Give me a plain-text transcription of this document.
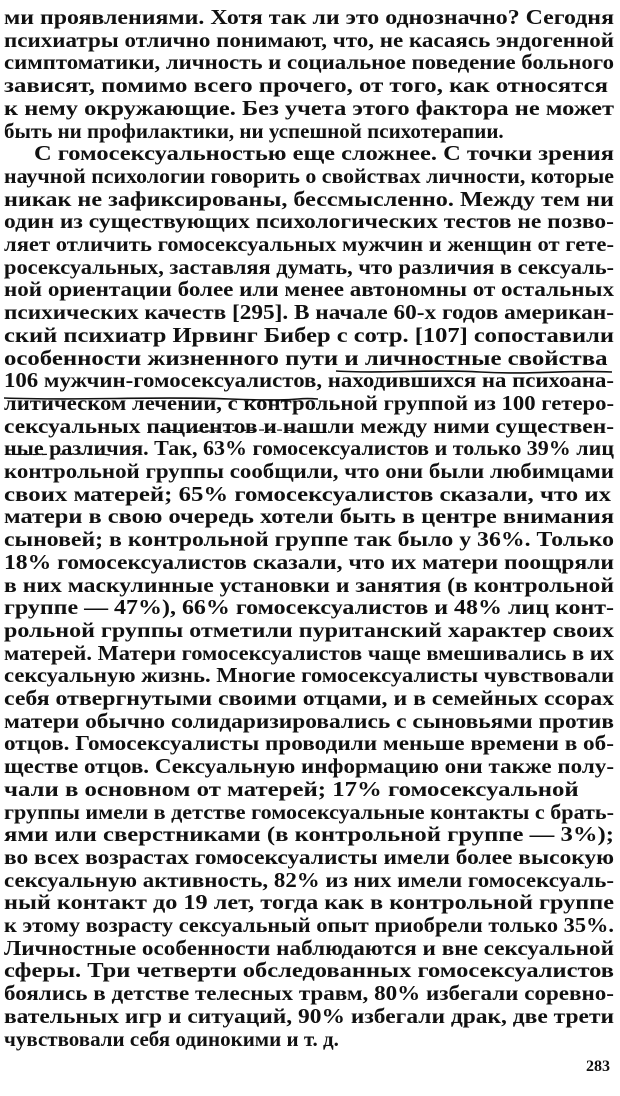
ми проявлениями. Хотя так ли это однозначно? Сегодня
психиатры отлично понимают, что, не касаясь эндогенной
симптоматики, личность и социальное поведение больного
зависят, помимо всего прочего, от того, как относятся
к нему окружающие. Без учета этого фактора не может
быть ни профилактики, ни успешной психотерапии.
С гомосексуальностью еще сложнее. С точки зрения
научной психологии говорить о свойствах личности, которые
никак не зафиксированы, бессмысленно. Между тем ни
один из существующих психологических тестов не позво-
ляет отличить гомосексуальных мужчин и женщин от гете-
росексуальных, заставляя думать, что различия в сексуаль-
ной ориентации более или менее автономны от остальных
психических качеств [295]. В начале 60-х годов американ-
ский психиатр Ирвинг Бибер с сотр. [107] сопоставили
особенности жизненного пути и личностные свойства
106 мужчин-гомосексуалистов, находившихся на психоана-
литическом лечении, с контрольной группой из 100 гетеро-
сексуальных пациентов и нашли между ними существен-
ные различия. Так, 63% гомосексуалистов и только 39% лиц
контрольной группы сообщили, что они были любимцами
своих матерей; 65% гомосексуалистов сказали, что их
матери в свою очередь хотели быть в центре внимания
сыновей; в контрольной группе так было у 36%. Только
18% гомосексуалистов сказали, что их матери поощряли
в них маскулинные установки и занятия (в контрольной
группе — 47%), 66% гомосексуалистов и 48% лиц конт-
рольной группы отметили пуританский характер своих
матерей. Матери гомосексуалистов чаще вмешивались в их
сексуальную жизнь. Многие гомосексуалисты чувствовали
себя отвергнутыми своими отцами, и в семейных ссорах
матери обычно солидаризировались с сыновьями против
отцов. Гомосексуалисты проводили меньше времени в об-
ществе отцов. Сексуальную информацию они также полу-
чали в основном от матерей; 17% гомосексуальной
группы имели в детстве гомосексуальные контакты с брать-
ями или сверстниками (в контрольной группе — 3%);
во всех возрастах гомосексуалисты имели более высокую
сексуальную активность, 82% из них имели гомосексуаль-
ный контакт до 19 лет, тогда как в контрольной группе
к этому возрасту сексуальный опыт приобрели только 35%.
Личностные особенности наблюдаются и вне сексуальной
сферы. Три четверти обследованных гомосексуалистов
боялись в детстве телесных травм, 80% избегали соревно-
вательных игр и ситуаций, 90% избегали драк, две трети
чувствовали себя одинокими и т. д.
283
